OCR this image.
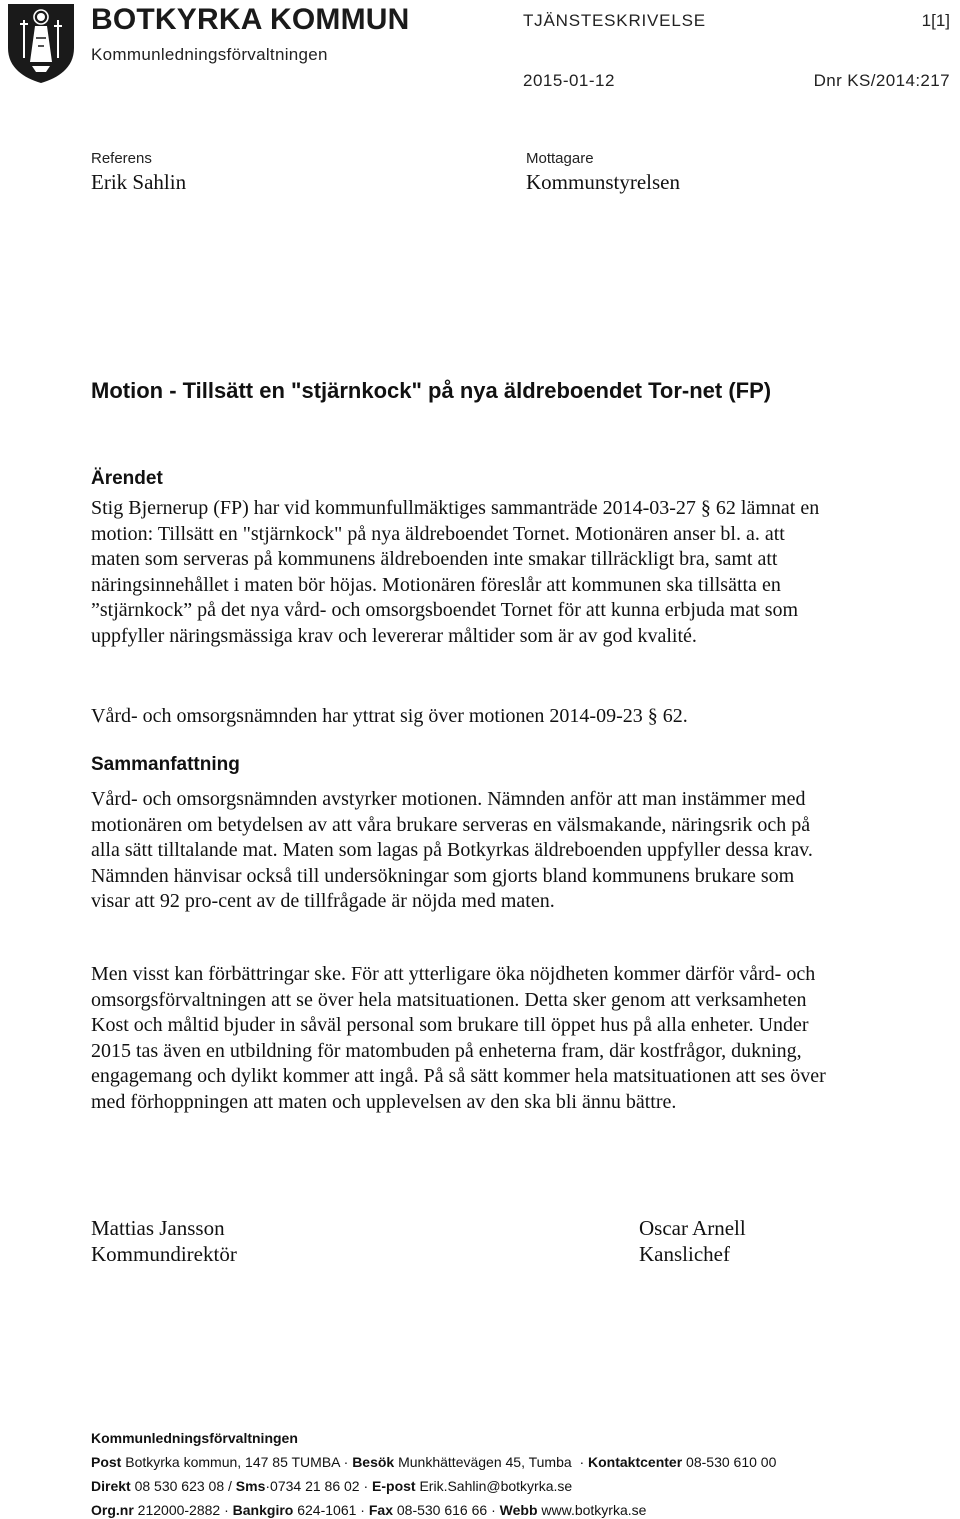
BOTKYRKA KOMMUN
Kommunledningsförvaltningen
TJÄNSTESKRIVELSE	1[1]
2015-01-12	Dnr KS/2014:217
Referens
Erik Sahlin
Mottagare
Kommunstyrelsen
Motion - Tillsätt en "stjärnkock" på nya äldreboendet Tor-net (FP)
Ärendet

Stig Bjernerup (FP) har vid kommunfullmäktiges sammanträde 2014-03-27 § 62 lämnat en motion: Tillsätt en "stjärnkock" på nya äldreboendet Tornet. Motionären anser bl. a. att maten som serveras på kommunens äldreboenden inte smakar tillräckligt bra, samt att näringsinnehållet i maten bör höjas. Motionären föreslår att kommunen ska tillsätta en ”stjärnkock” på det nya vård- och omsorgsboendet Tornet för att kunna erbjuda mat som uppfyller näringsmässiga krav och levererar måltider som är av god kvalité.

Vård- och omsorgsnämnden har yttrat sig över motionen 2014-09-23 § 62.

Sammanfattning

Vård- och omsorgsnämnden avstyrker motionen. Nämnden anför att man instämmer med motionären om betydelsen av att våra brukare serveras en välsmakande, näringsrik och på alla sätt tilltalande mat. Maten som lagas på Botkyrkas äldreboenden uppfyller dessa krav. Nämnden hänvisar också till undersökningar som gjorts bland kommunens brukare som visar att 92 pro-cent av de tillfrågade är nöjda med maten.

Men visst kan förbättringar ske. För att ytterligare öka nöjdheten kommer därför vård- och omsorgsförvaltningen att se över hela matsituationen. Detta sker genom att verksamheten Kost och måltid bjuder in såväl personal som brukare till öppet hus på alla enheter. Under 2015 tas även en utbildning för matombuden på enheterna fram, där kostfrågor, dukning, engagemang och dylikt kommer att ingå. På så sätt kommer hela matsituationen att ses över med förhoppningen att maten och upplevelsen av den ska bli ännu bättre.

Mattias Jansson
Kommundirektör
Oscar Arnell
Kanslichef
Kommunledningsförvaltningen
Post Botkyrka kommun, 147 85 TUMBA · Besök Munkhättevägen 45, Tumba · Kontaktcenter 08-530 610 00
Direkt 08 530 623 08 / Sms·0734 21 86 02 · E-post Erik.Sahlin@botkyrka.se
Org.nr 212000-2882 · Bankgiro 624-1061 · Fax 08-530 616 66 · Webb www.botkyrka.se
